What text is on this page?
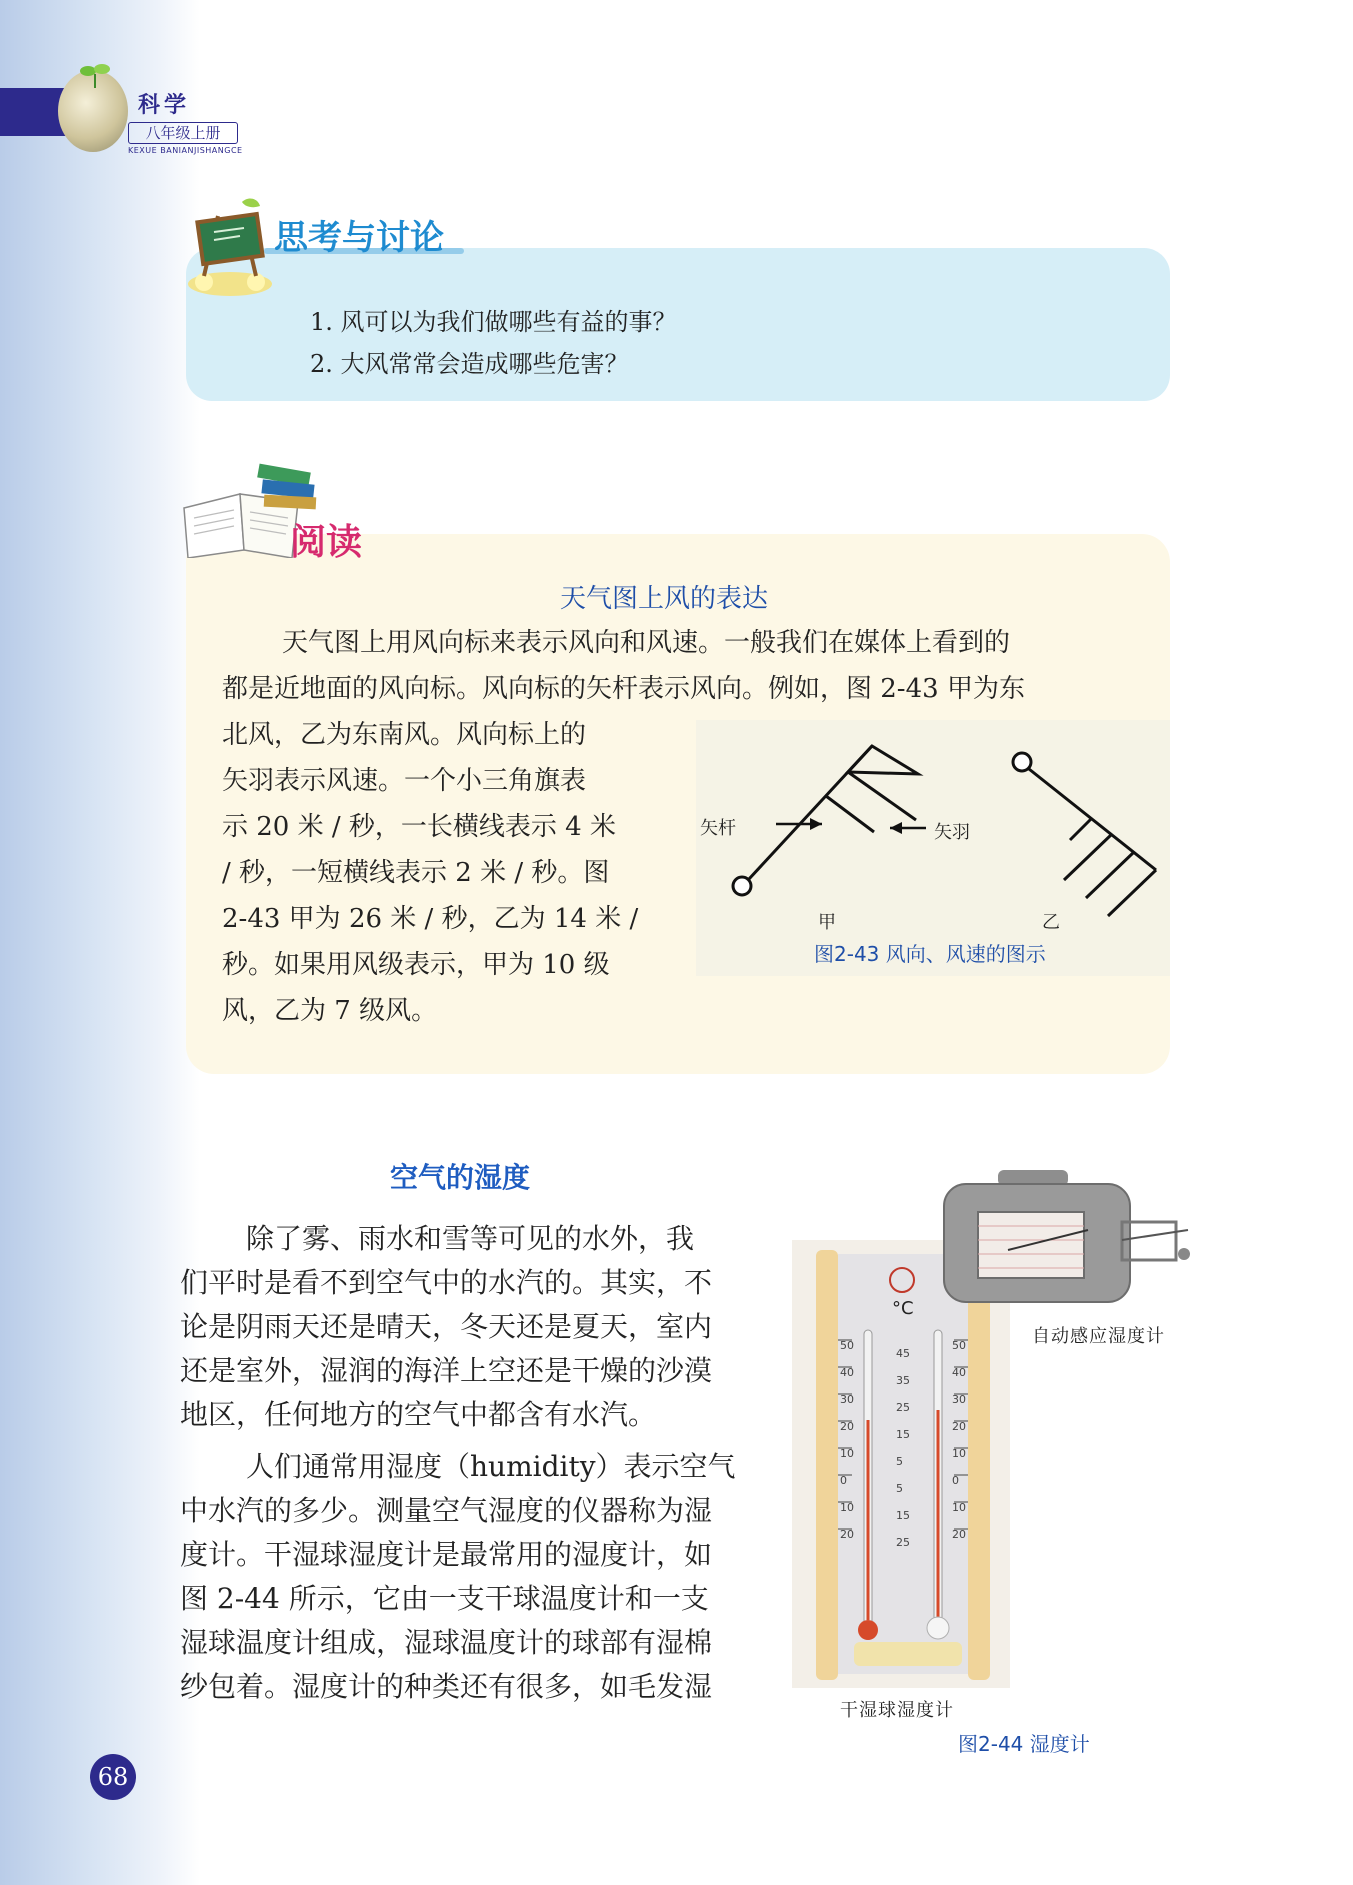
科学
八年级上册
KEXUE BANIANJISHANGCE
思考与讨论
1. 风可以为我们做哪些有益的事？
2. 大风常常会造成哪些危害？
阅读
天气图上风的表达
天气图上用风向标来表示风向和风速。一般我们在媒体上看到的
都是近地面的风向标。风向标的矢杆表示风向。例如，图 2-43 甲为东
北风，乙为东南风。风向标上的
矢羽表示风速。一个小三角旗表
示 20 米 / 秒，一长横线表示 4 米
/ 秒，一短横线表示 2 米 / 秒。图
2-43 甲为 26 米 / 秒，乙为 14 米 /
秒。如果用风级表示，甲为 10 级
风，乙为 7 级风。
矢杆	矢羽
甲	乙
图2-43 风向、风速的图示
空气的湿度
除了雾、雨水和雪等可见的水外，我
们平时是看不到空气中的水汽的。其实，不
论是阴雨天还是晴天，冬天还是夏天，室内
还是室外，湿润的海洋上空还是干燥的沙漠
地区，任何地方的空气中都含有水汽。
人们通常用湿度（humidity）表示空气
中水汽的多少。测量空气湿度的仪器称为湿
度计。干湿球湿度计是最常用的湿度计，如
图 2-44 所示，它由一支干球温度计和一支
湿球温度计组成，湿球温度计的球部有湿棉
纱包着。湿度计的种类还有很多，如毛发湿
°C
50
40
30
20
10
0
10
20
50
40
30
20
10
0
10
20
45
35
25
15
5
5
15
25
自动感应湿度计
干湿球湿度计
图2-44 湿度计
68
